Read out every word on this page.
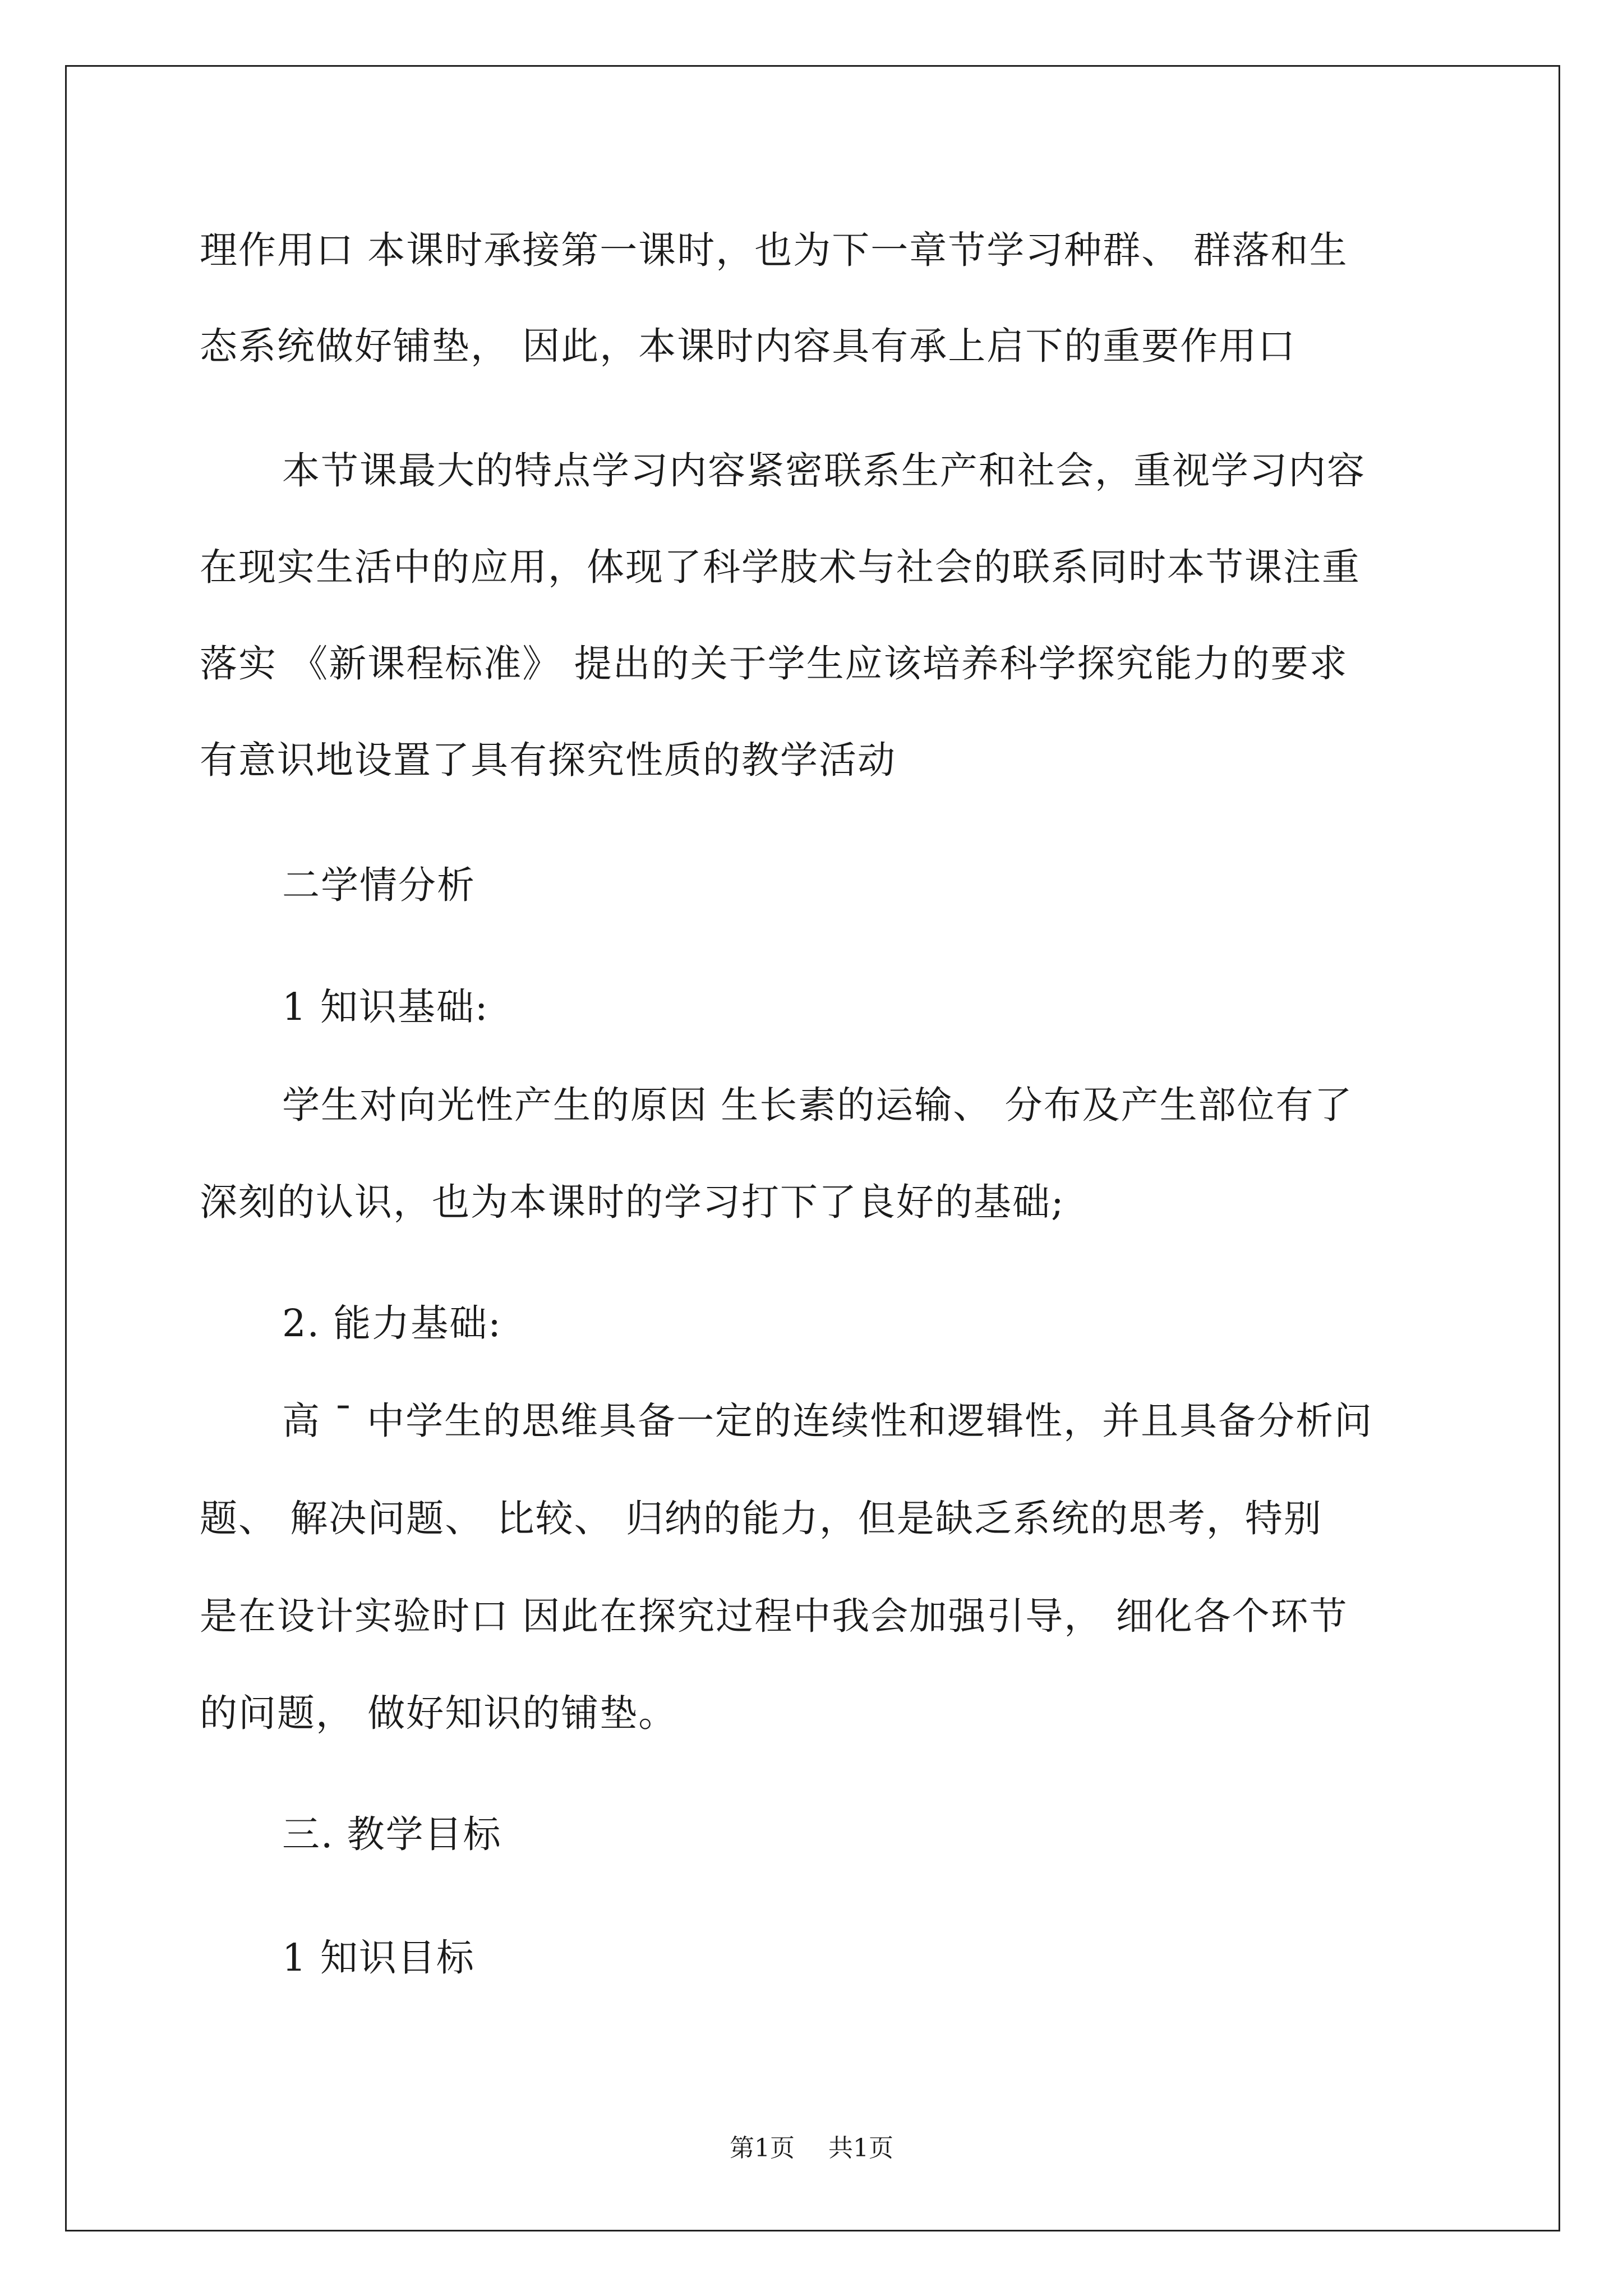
理作用口 本课时承接第一课时，也为下一章节学习种群、 群落和生
态系统做好铺垫， 因此，本课时内容具有承上启下的重要作用口
本节课最大的特点学习内容紧密联系生产和社会，重视学习内容
在现实生活中的应用，体现了科学肢术与社会的联系同时本节课注重
落实 《新课程标准》 提出的关于学生应该培养科学探究能力的要求
有意识地设置了具有探究性质的教学活动
二学情分析
1 知识基础:
学生对向光性产生的原因 生长素的运输、 分布及产生部位有了
深刻的认识，也为本课时的学习打下了良好的基础;
2. 能力基础:
高 ¯ 中学生的思维具备一定的连续性和逻辑性，并且具备分析问
题、 解决问题、 比较、 归纳的能力，但是缺乏系统的思考，特别
是在设计实验时口 因此在探究过程中我会加强引导， 细化各个环节
的问题， 做好知识的铺垫。
三. 教学目标
1 知识目标
第1页 共1页
